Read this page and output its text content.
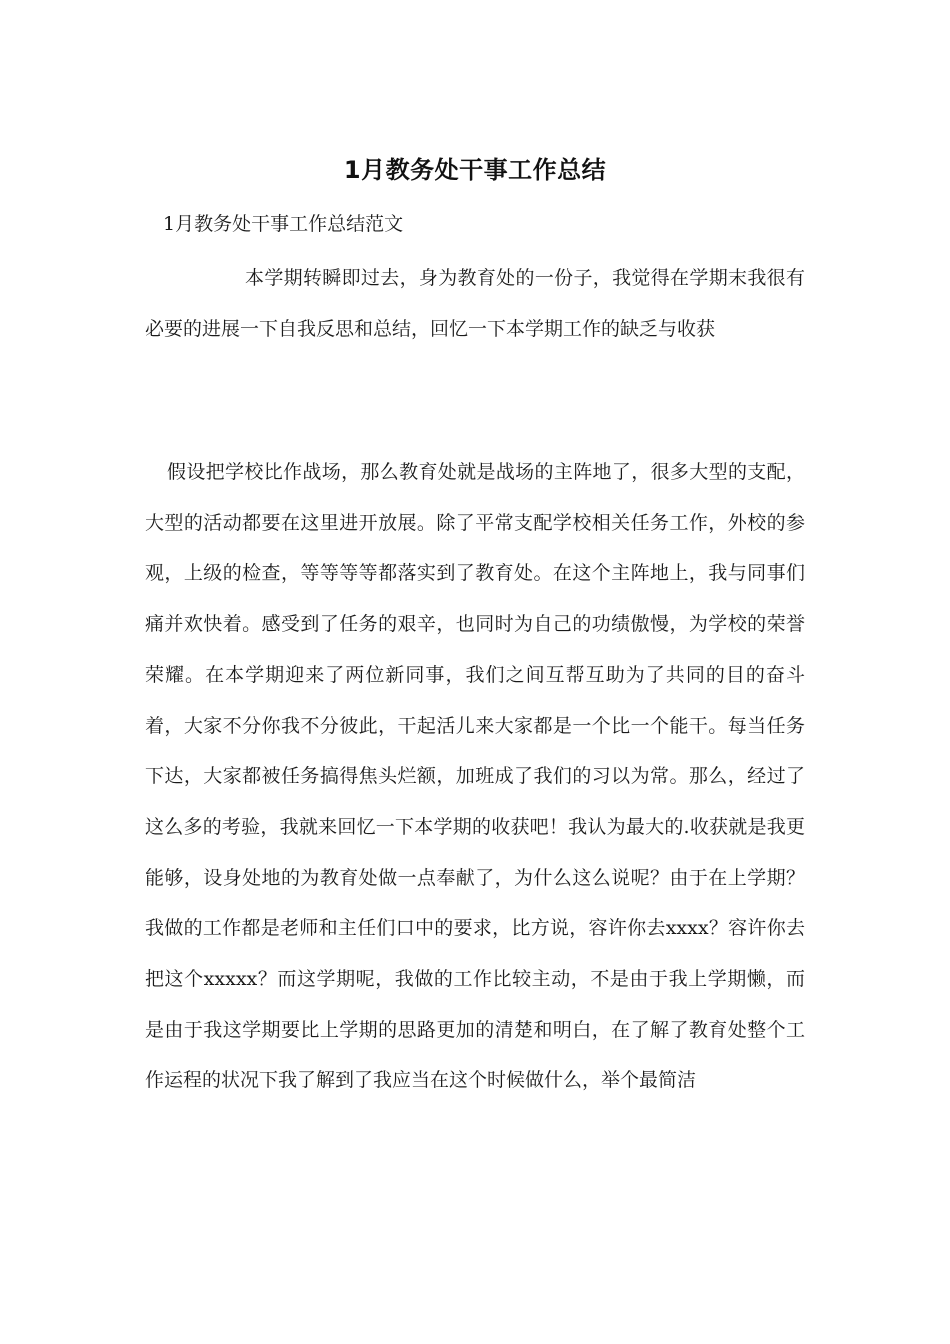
1月教务处干事工作总结
1月教务处干事工作总结范文

本学期转瞬即过去，身为教育处的一份子，我觉得在学期末我很有必要的进展一下自我反思和总结，回忆一下本学期工作的缺乏与收获

假设把学校比作战场，那么教育处就是战场的主阵地了，很多大型的支配，大型的活动都要在这里进开放展。除了平常支配学校相关任务工作，外校的参观，上级的检查，等等等等都落实到了教育处。在这个主阵地上，我与同事们痛并欢快着。感受到了任务的艰辛，也同时为自己的功绩傲慢，为学校的荣誉荣耀。在本学期迎来了两位新同事，我们之间互帮互助为了共同的目的奋斗着，大家不分你我不分彼此，干起活儿来大家都是一个比一个能干。每当任务下达，大家都被任务搞得焦头烂额，加班成了我们的习以为常。那么，经过了这么多的考验，我就来回忆一下本学期的收获吧！我认为最大的.收获就是我更能够，设身处地的为教育处做一点奉献了，为什么这么说呢？由于在上学期？我做的工作都是老师和主任们口中的要求，比方说，容许你去xxxx？容许你去把这个xxxxx？而这学期呢，我做的工作比较主动，不是由于我上学期懒，而是由于我这学期要比上学期的思路更加的清楚和明白，在了解了教育处整个工作运程的状况下我了解到了我应当在这个时候做什么，举个最简洁
